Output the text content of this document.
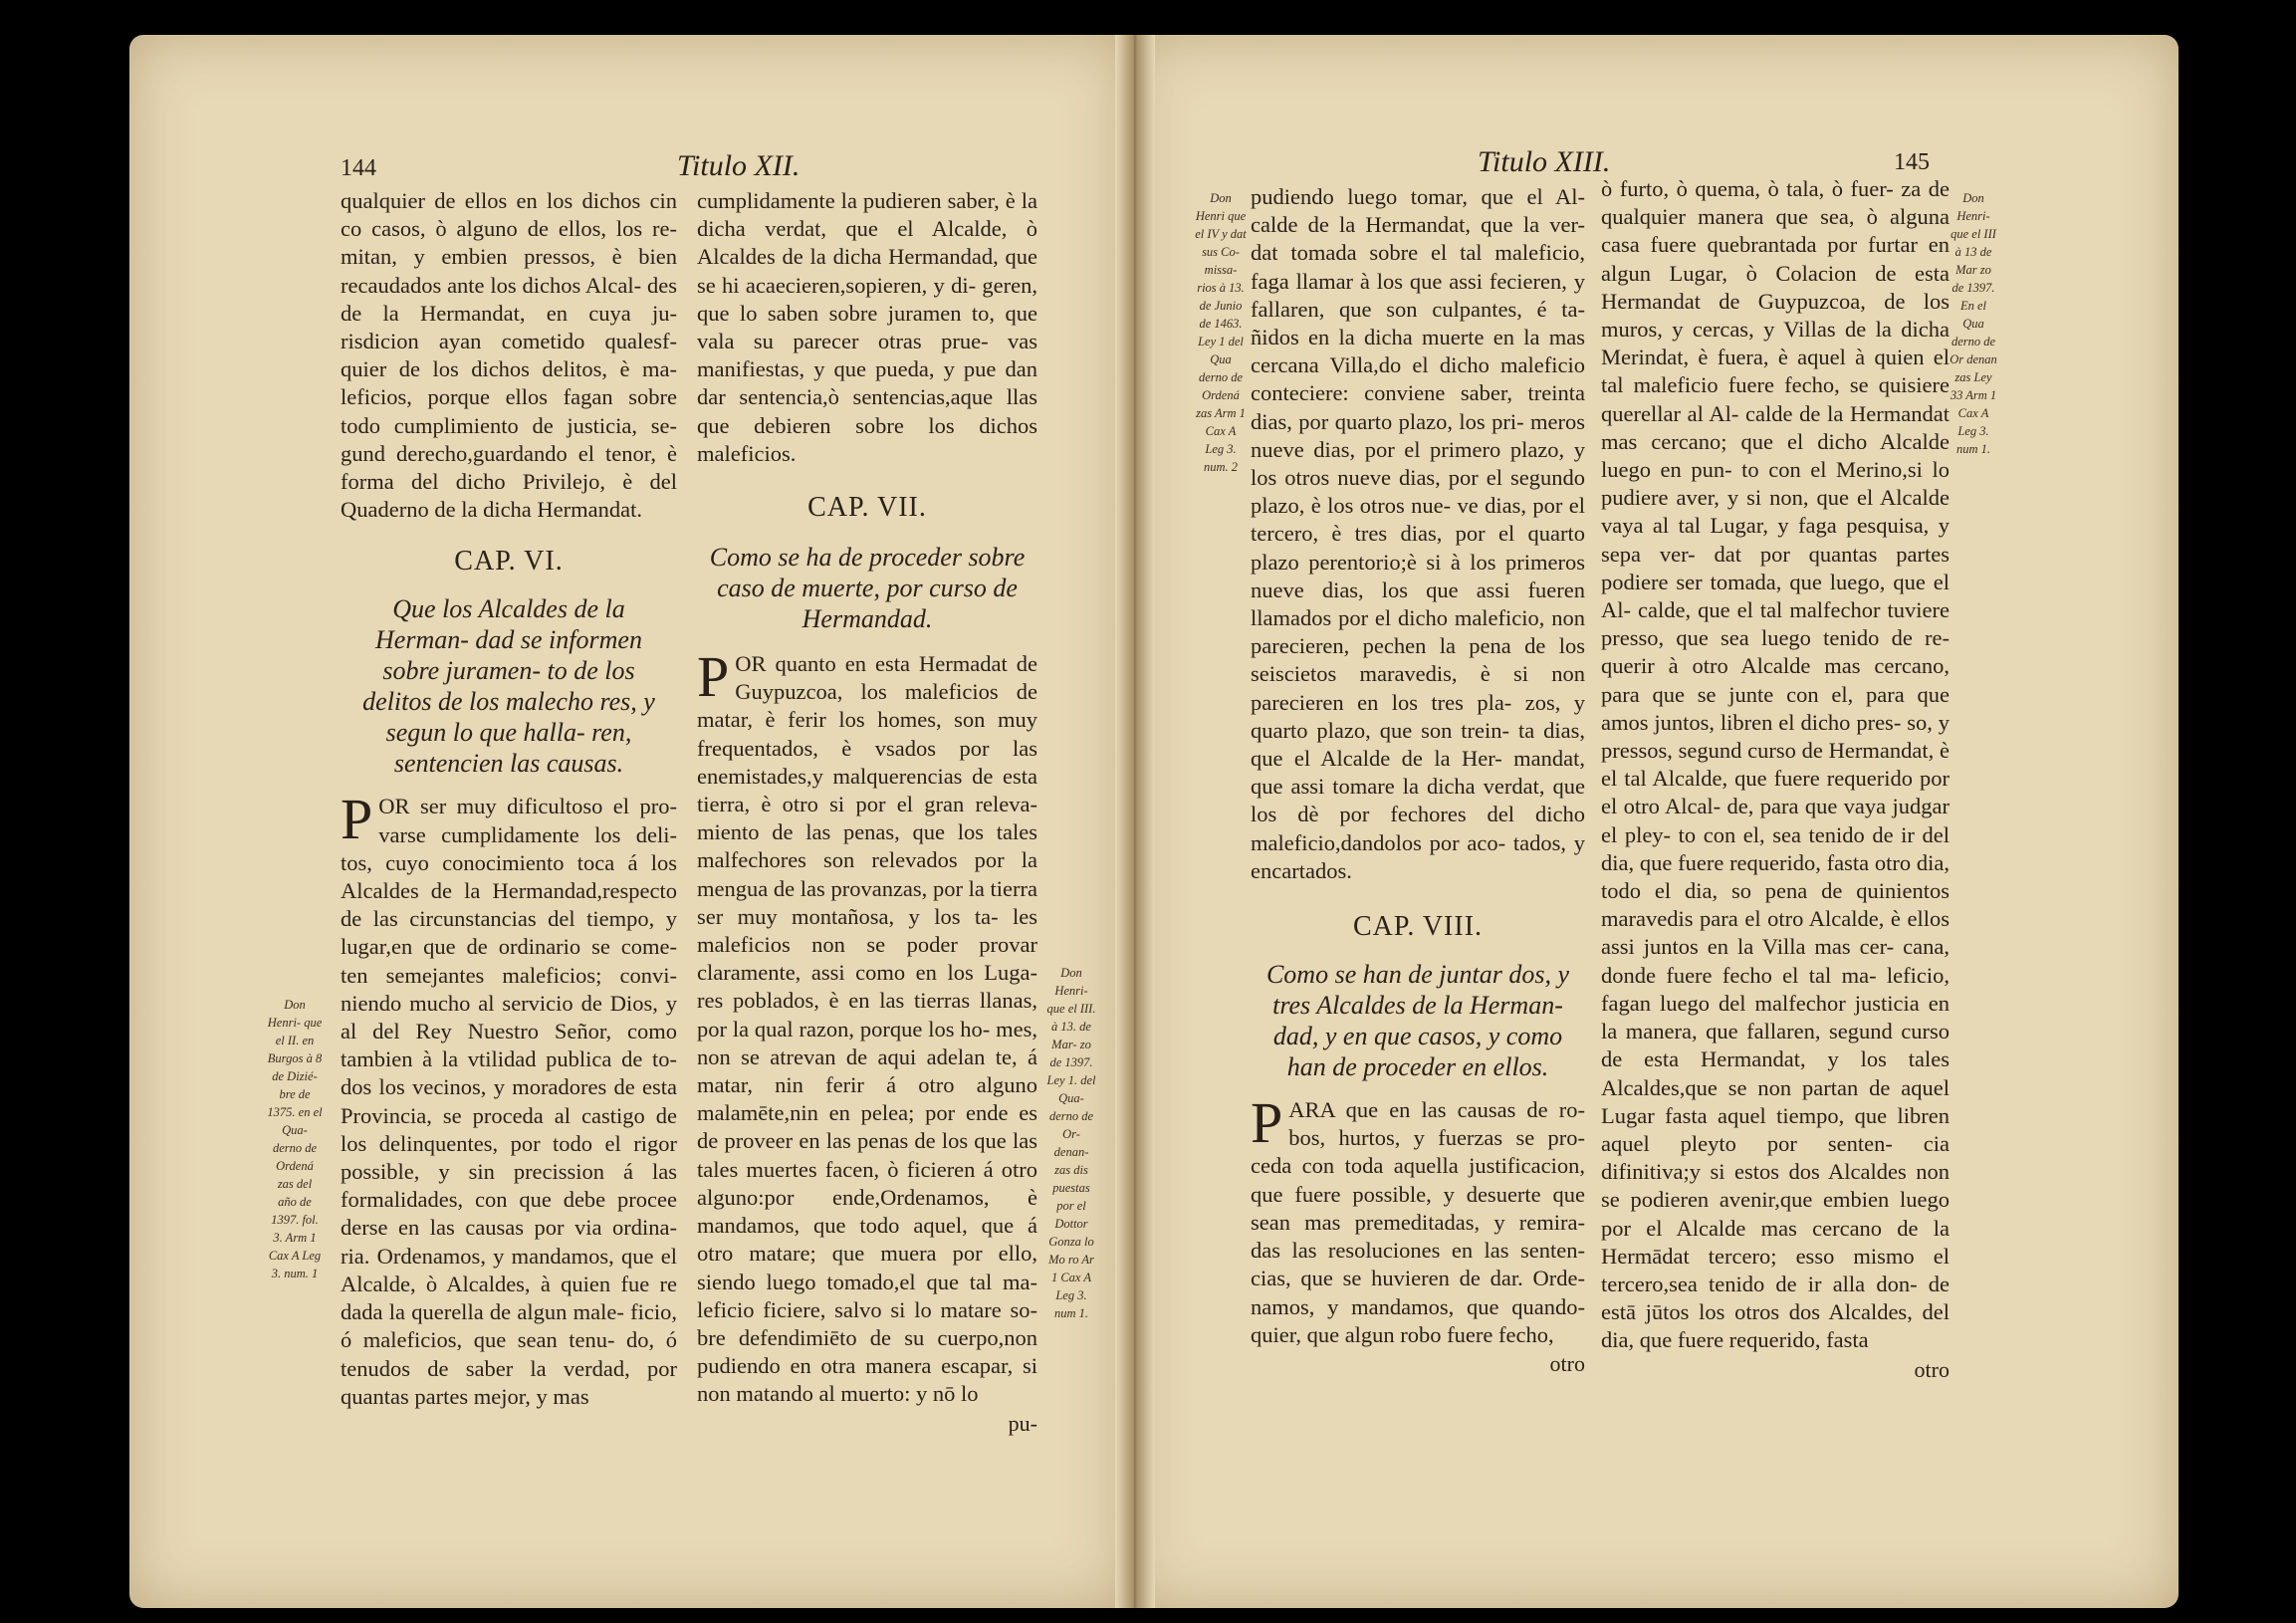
144	Titulo XII.
qualquier de ellos en los dichos cin co casos, ò alguno de ellos, los re- mitan, y embien pressos, è bien recaudados ante los dichos Alcal- des de la Hermandat, en cuya ju- risdicion ayan cometido qualesf- quier de los dichos delitos, è ma- leficios, porque ellos fagan sobre todo cumplimiento de justicia, se- gund derecho,guardando el tenor, è forma del dicho Privilejo, è del Quaderno de la dicha Hermandat.
CAP. VI.
Que los Alcaldes de la Herman- dad se informen sobre juramen- to de los delitos de los malecho res, y segun lo que halla- ren, sentencien las causas.
POR ser muy dificultoso el pro- varse cumplidamente los deli- tos, cuyo conocimiento toca á los Alcaldes de la Hermandad,respecto de las circunstancias del tiempo, y lugar,en que de ordinario se come- ten semejantes maleficios; convi- niendo mucho al servicio de Dios, y al del Rey Nuestro Señor, como tambien à la vtilidad publica de to- dos los vecinos, y moradores de esta Provincia, se proceda al castigo de los delinquentes, por todo el rigor possible, y sin precission á las formalidades, con que debe procee derse en las causas por via ordina- ria. Ordenamos, y mandamos, que el Alcalde, ò Alcaldes, à quien fue re dada la querella de algun male- ficio, ó maleficios, que sean tenu- do, ó tenudos de saber la verdad, por quantas partes mejor, y mas
Don Henri- que el II. en Burgos à 8 de Dizié- bre de 1375. en el Qua- derno de Ordená zas del año de 1397. fol. 3. Arm 1 Cax A Leg 3. num. 1
cumplidamente la pudieren saber, è la dicha verdat, que el Alcalde, ò Alcaldes de la dicha Hermandad, que se hi acaecieren,sopieren, y di- geren, que lo saben sobre juramen to, que vala su parecer otras prue- vas manifiestas, y que pueda, y pue dan dar sentencia,ò sentencias,aque llas que debieren sobre los dichos maleficios.
CAP. VII.
Como se ha de proceder sobre caso de muerte, por curso de Hermandad.
POR quanto en esta Hermadat de Guypuzcoa, los maleficios de matar, è ferir los homes, son muy frequentados, è vsados por las enemistades,y malquerencias de esta tierra, è otro si por el gran releva- miento de las penas, que los tales malfechores son relevados por la mengua de las provanzas, por la tierra ser muy montañosa, y los ta- les maleficios non se poder provar claramente, assi como en los Luga- res poblados, è en las tierras llanas, por la qual razon, porque los ho- mes, non se atrevan de aqui adelan te, á matar, nin ferir á otro alguno malamēte,nin en pelea; por ende es de proveer en las penas de los que las tales muertes facen, ò ficieren á otro alguno:por ende,Ordenamos, è mandamos, que todo aquel, que á otro matare; que muera por ello, siendo luego tomado,el que tal ma- leficio ficiere, salvo si lo matare so- bre defendimiēto de su cuerpo,non pudiendo en otra manera escapar, si non matando al muerto: y nō lo
pu-
Don Henri- que el III. à 13. de Mar- zo de 1397. Ley 1. del Qua- derno de Or- denan- zas dis puestas por el Dottor Gonza lo Mo ro Ar 1 Cax A Leg 3. num 1.
Titulo XIII.	145
Don Henri que el IV y dat sus Co- missa- rios à 13. de Junio de 1463. Ley 1 del Qua derno de Ordená zas Arm 1 Cax A Leg 3. num. 2
pudiendo luego tomar, que el Al- calde de la Hermandat, que la ver- dat tomada sobre el tal maleficio, faga llamar à los que assi fecieren, y fallaren, que son culpantes, é ta- ñidos en la dicha muerte en la mas cercana Villa,do el dicho maleficio conteciere: conviene saber, treinta dias, por quarto plazo, los pri- meros nueve dias, por el primero plazo, y los otros nueve dias, por el segundo plazo, è los otros nue- ve dias, por el tercero, è tres dias, por el quarto plazo perentorio;è si à los primeros nueve dias, los que assi fueren llamados por el dicho maleficio, non parecieren, pechen la pena de los seiscietos maravedis, è si non parecieren en los tres pla- zos, y quarto plazo, que son trein- ta dias, que el Alcalde de la Her- mandat, que assi tomare la dicha verdat, que los dè por fechores del dicho maleficio,dandolos por aco- tados, y encartados.
CAP. VIII.
Como se han de juntar dos, y tres Alcaldes de la Herman- dad, y en que casos, y como han de proceder en ellos.
PARA que en las causas de ro- bos, hurtos, y fuerzas se pro- ceda con toda aquella justificacion, que fuere possible, y desuerte que sean mas premeditadas, y remira- das las resoluciones en las senten- cias, que se huvieren de dar. Orde- namos, y mandamos, que quando- quier, que algun robo fuere fecho,
otro
ò furto, ò quema, ò tala, ò fuer- za de qualquier manera que sea, ò alguna casa fuere quebrantada por furtar en algun Lugar, ò Colacion de esta Hermandat de Guypuzcoa, de los muros, y cercas, y Villas de la dicha Merindat, è fuera, è aquel à quien el tal maleficio fuere fecho, se quisiere querellar al Al- calde de la Hermandat mas cercano; que el dicho Alcalde luego en pun- to con el Merino,si lo pudiere aver, y si non, que el Alcalde vaya al tal Lugar, y faga pesquisa, y sepa ver- dat por quantas partes podiere ser tomada, que luego, que el Al- calde, que el tal malfechor tuviere presso, que sea luego tenido de re- querir à otro Alcalde mas cercano, para que se junte con el, para que amos juntos, libren el dicho pres- so, y pressos, segund curso de Hermandat, è el tal Alcalde, que fuere requerido por el otro Alcal- de, para que vaya judgar el pley- to con el, sea tenido de ir del dia, que fuere requerido, fasta otro dia, todo el dia, so pena de quinientos maravedis para el otro Alcalde, è ellos assi juntos en la Villa mas cer- cana, donde fuere fecho el tal ma- leficio, fagan luego del malfechor justicia en la manera, que fallaren, segund curso de esta Hermandat, y los tales Alcaldes,que se non partan de aquel Lugar fasta aquel tiempo, que libren aquel pleyto por senten- cia difinitiva;y si estos dos Alcaldes non se podieren avenir,que embien luego por el Alcalde mas cercano de la Hermādat tercero; esso mismo el tercero,sea tenido de ir alla don- de estā jūtos los otros dos Alcaldes, del dia, que fuere requerido, fasta
otro
Don Henri- que el III à 13 de Mar zo de 1397. En el Qua derno de Or denan zas Ley 33 Arm 1 Cax A Leg 3. num 1.
